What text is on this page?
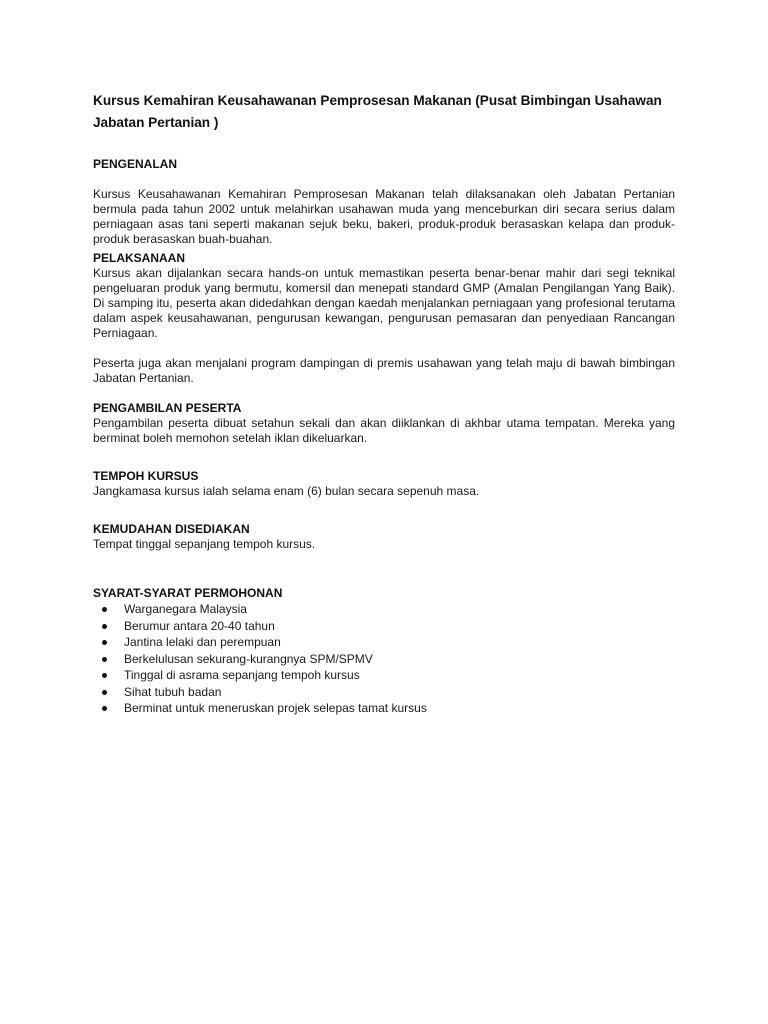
Kursus Kemahiran Keusahawanan Pemprosesan Makanan (Pusat Bimbingan Usahawan Jabatan Pertanian )

PENGENALAN

Kursus Keusahawanan Kemahiran Pemprosesan Makanan telah dilaksanakan oleh Jabatan Pertanian bermula pada tahun 2002 untuk melahirkan usahawan muda yang menceburkan diri secara serius dalam perniagaan asas tani seperti makanan sejuk beku, bakeri, produk-produk berasaskan kelapa dan produk-produk berasaskan buah-buahan.

PELAKSANAAN

Kursus akan dijalankan secara hands-on untuk memastikan peserta benar-benar mahir dari segi teknikal pengeluaran produk yang bermutu, komersil dan menepati standard GMP (Amalan Pengilangan Yang Baik). Di samping itu, peserta akan didedahkan dengan kaedah menjalankan perniagaan yang profesional terutama dalam aspek keusahawanan, pengurusan kewangan, pengurusan pemasaran dan penyediaan Rancangan Perniagaan.

Peserta juga akan menjalani program dampingan di premis usahawan yang telah maju di bawah bimbingan Jabatan Pertanian.

PENGAMBILAN PESERTA

Pengambilan peserta dibuat setahun sekali dan akan diiklankan di akhbar utama tempatan. Mereka yang berminat boleh memohon setelah iklan dikeluarkan.

TEMPOH KURSUS

Jangkamasa kursus ialah selama enam (6) bulan secara sepenuh masa.

KEMUDAHAN DISEDIAKAN

Tempat tinggal sepanjang tempoh kursus.

SYARAT-SYARAT PERMOHONAN

Warganegara Malaysia
Berumur antara 20-40 tahun
Jantina lelaki dan perempuan
Berkelulusan sekurang-kurangnya SPM/SPMV
Tinggal di asrama sepanjang tempoh kursus
Sihat tubuh badan
Berminat untuk meneruskan projek selepas tamat kursus
